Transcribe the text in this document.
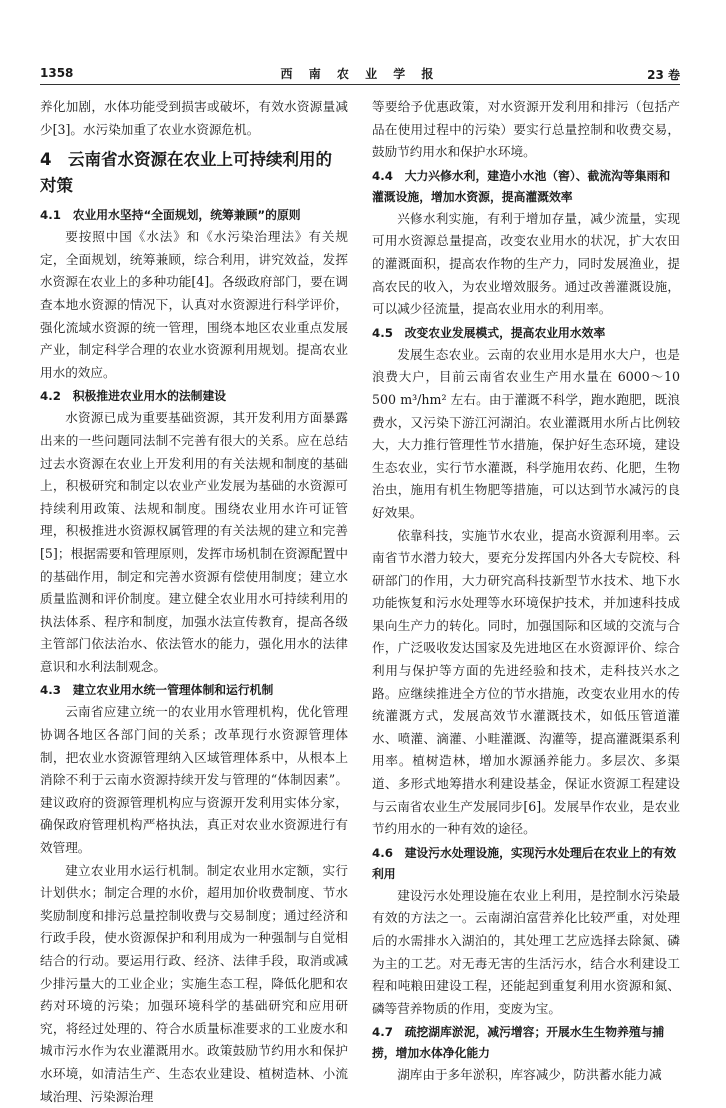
1358	西 南 农 业 学 报	23 卷

养化加剧，水体功能受到损害或破坏，有效水资源量减少[3]。水污染加重了农业水资源危机。

4　云南省水资源在农业上可持续利用的对策
4.1　农业用水坚持“全面规划，统筹兼顾”的原则

要按照中国《水法》和《水污染治理法》有关规定，全面规划，统筹兼顾，综合利用，讲究效益，发挥水资源在农业上的多种功能[4]。各级政府部门，要在调查本地水资源的情况下，认真对水资源进行科学评价，强化流域水资源的统一管理，围绕本地区农业重点发展产业，制定科学合理的农业水资源利用规划。提高农业用水的效应。

4.2　积极推进农业用水的法制建设

水资源已成为重要基础资源，其开发利用方面暴露出来的一些问题同法制不完善有很大的关系。应在总结过去水资源在农业上开发利用的有关法规和制度的基础上，积极研究和制定以农业产业发展为基础的水资源可持续利用政策、法规和制度。围绕农业用水许可证管理，积极推进水资源权属管理的有关法规的建立和完善[5]；根据需要和管理原则，发挥市场机制在资源配置中的基础作用，制定和完善水资源有偿使用制度；建立水质量监测和评价制度。建立健全农业用水可持续利用的执法体系、程序和制度，加强水法宣传教育，提高各级主管部门依法治水、依法管水的能力，强化用水的法律意识和水利法制观念。

4.3　建立农业用水统一管理体制和运行机制

云南省应建立统一的农业用水管理机构，优化管理协调各地区各部门间的关系；改革现行水资源管理体制，把农业水资源管理纳入区域管理体系中，从根本上消除不利于云南水资源持续开发与管理的“体制因素”。建议政府的资源管理机构应与资源开发利用实体分家，确保政府管理机构严格执法，真正对农业水资源进行有效管理。

建立农业用水运行机制。制定农业用水定额，实行计划供水；制定合理的水价，超用加价收费制度、节水奖励制度和排污总量控制收费与交易制度；通过经济和行政手段，使水资源保护和利用成为一种强制与自觉相结合的行动。要运用行政、经济、法律手段，取消或减少排污量大的工业企业；实施生态工程，降低化肥和农药对环境的污染；加强环境科学的基础研究和应用研究，将经过处理的、符合水质量标准要求的工业废水和城市污水作为农业灌溉用水。政策鼓励节约用水和保护水环境，如清洁生产、生态农业建设、植树造林、小流域治理、污染源治理

等要给予优惠政策，对水资源开发利用和排污（包括产品在使用过程中的污染）要实行总量控制和收费交易，鼓励节约用水和保护水环境。

4.4　大力兴修水利，建造小水池（窖）、截流沟等集雨和灌溉设施，增加水资源，提高灌溉效率

兴修水利实施，有利于增加存量，减少流量，实现可用水资源总量提高，改变农业用水的状况，扩大农田的灌溉面积，提高农作物的生产力，同时发展渔业，提高农民的收入，为农业增效服务。通过改善灌溉设施，可以减少径流量，提高农业用水的利用率。

4.5　改变农业发展模式，提高农业用水效率

发展生态农业。云南的农业用水是用水大户，也是浪费大户，目前云南省农业生产用水量在 6000～10 500 m³/hm² 左右。由于灌溉不科学，跑水跑肥，既浪费水，又污染下游江河湖泊。农业灌溉用水所占比例较大，大力推行管理性节水措施，保护好生态环境，建设生态农业，实行节水灌溉，科学施用农药、化肥，生物治虫，施用有机生物肥等措施，可以达到节水减污的良好效果。

依靠科技，实施节水农业，提高水资源利用率。云南省节水潜力较大，要充分发挥国内外各大专院校、科研部门的作用，大力研究高科技新型节水技术、地下水功能恢复和污水处理等水环境保护技术，并加速科技成果向生产力的转化。同时，加强国际和区域的交流与合作，广泛吸收发达国家及先进地区在水资源评价、综合利用与保护等方面的先进经验和技术，走科技兴水之路。应继续推进全方位的节水措施，改变农业用水的传统灌溉方式，发展高效节水灌溉技术，如低压管道灌水、喷灌、滴灌、小畦灌溉、沟灌等，提高灌溉渠系利用率。植树造林，增加水源涵养能力。多层次、多渠道、多形式地筹措水利建设基金，保证水资源工程建设与云南省农业生产发展同步[6]。发展旱作农业，是农业节约用水的一种有效的途径。

4.6　建设污水处理设施，实现污水处理后在农业上的有效利用

建设污水处理设施在农业上利用，是控制水污染最有效的方法之一。云南湖泊富营养化比较严重，对处理后的水需排水入湖泊的，其处理工艺应选择去除氮、磷为主的工艺。对无毒无害的生活污水，结合水利建设工程和吨粮田建设工程，还能起到重复利用水资源和氮、磷等营养物质的作用，变废为宝。

4.7　疏挖湖库淤泥，减污增容；开展水生生物养殖与捕捞，增加水体净化能力

湖库由于多年淤积，库容减少，防洪蓄水能力减
